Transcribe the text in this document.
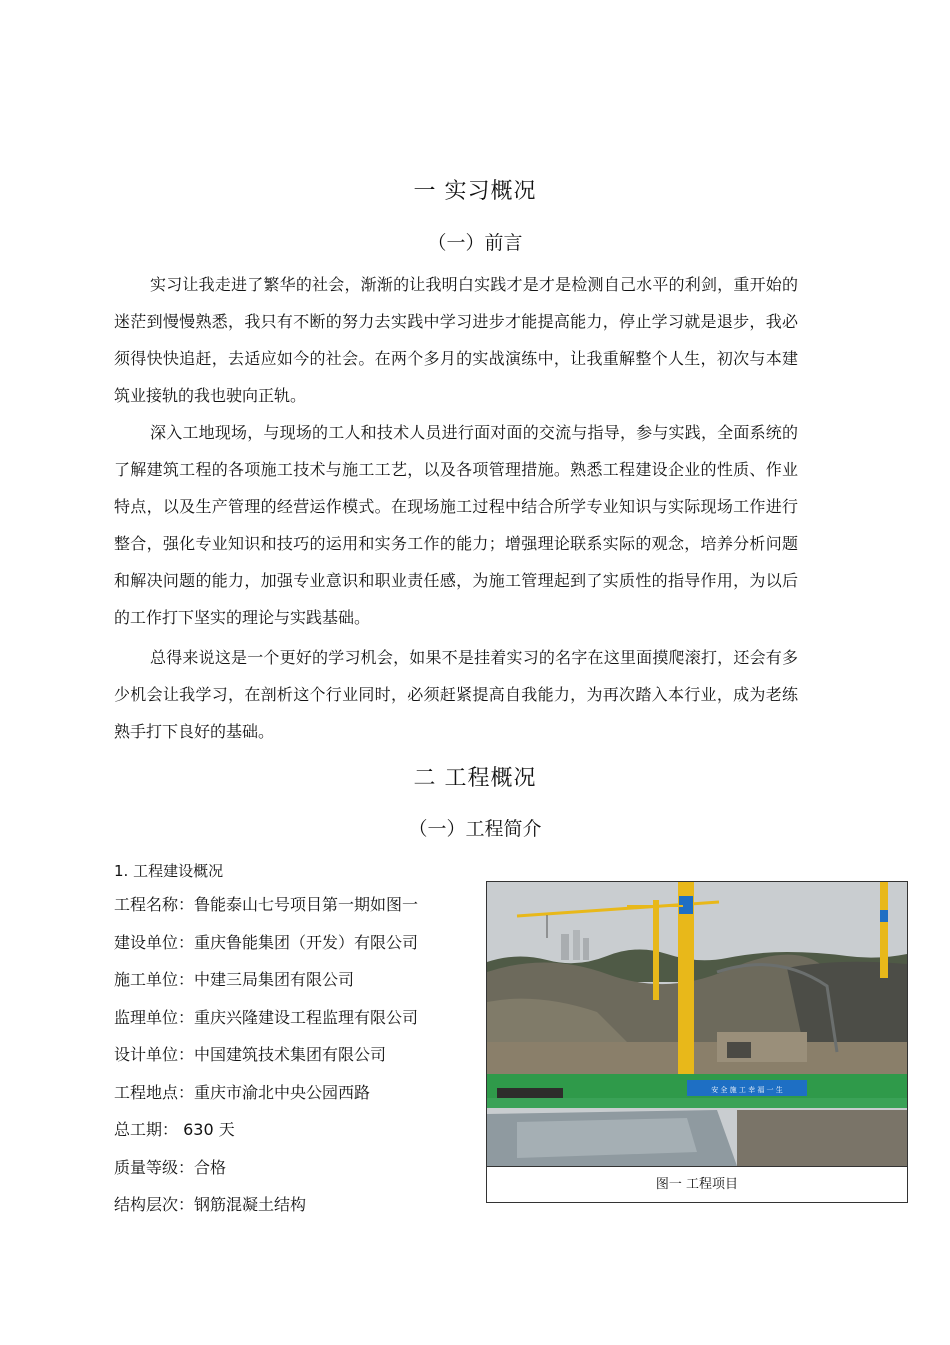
一 实习概况
（一）前言

实习让我走进了繁华的社会，渐渐的让我明白实践才是才是检测自己水平的利剑，重开始的迷茫到慢慢熟悉，我只有不断的努力去实践中学习进步才能提高能力，停止学习就是退步，我必须得快快追赶，去适应如今的社会。在两个多月的实战演练中，让我重解整个人生，初次与本建筑业接轨的我也驶向正轨。

深入工地现场，与现场的工人和技术人员进行面对面的交流与指导，参与实践，全面系统的了解建筑工程的各项施工技术与施工工艺，以及各项管理措施。熟悉工程建设企业的性质、作业特点，以及生产管理的经营运作模式。在现场施工过程中结合所学专业知识与实际现场工作进行整合，强化专业知识和技巧的运用和实务工作的能力；增强理论联系实际的观念，培养分析问题和解决问题的能力，加强专业意识和职业责任感，为施工管理起到了实质性的指导作用，为以后的工作打下坚实的理论与实践基础。

总得来说这是一个更好的学习机会，如果不是挂着实习的名字在这里面摸爬滚打，还会有多少机会让我学习，在剖析这个行业同时，必须赶紧提高自我能力，为再次踏入本行业，成为老练熟手打下良好的基础。

二 工程概况
（一）工程简介
1. 工程建设概况
工程名称：鲁能泰山七号项目第一期如图一
建设单位：重庆鲁能集团（开发）有限公司
施工单位：中建三局集团有限公司
监理单位：重庆兴隆建设工程监理有限公司
设计单位：中国建筑技术集团有限公司
工程地点：重庆市渝北中央公园西路
总工期： 630 天
质量等级：合格
结构层次：钢筋混凝土结构
安 全 施 工 幸 福 一 生
图一 工程项目
